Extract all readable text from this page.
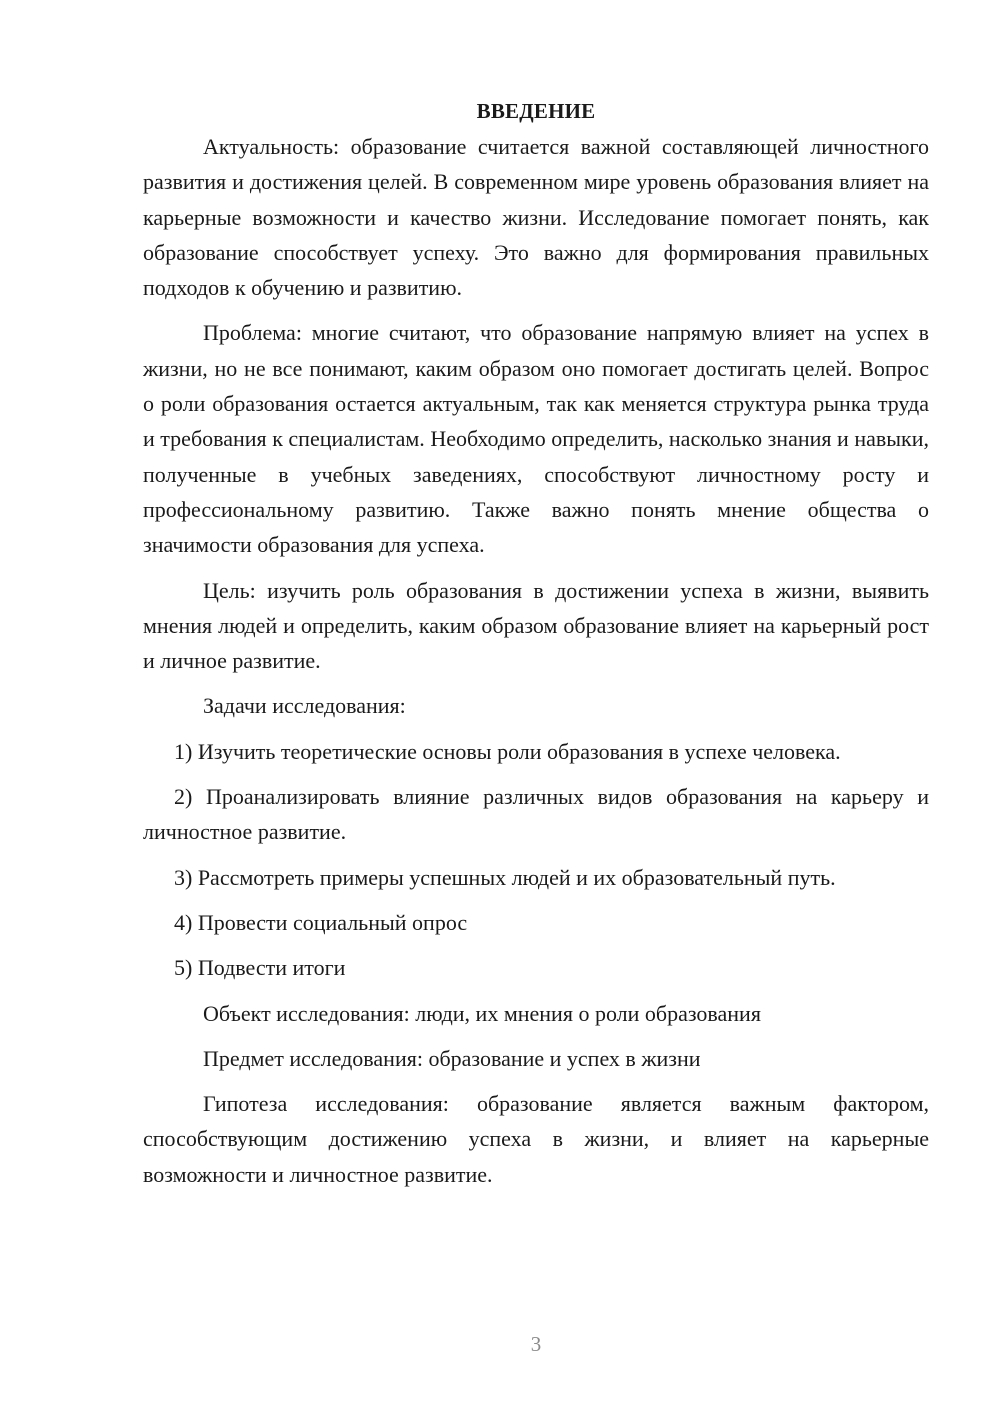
ВВЕДЕНИЕ

Актуальность: образование считается важной составляющей личностного развития и достижения целей. В современном мире уровень образования влияет на карьерные возможности и качество жизни. Исследование помогает понять, как образование способствует успеху. Это важно для формирования правильных подходов к обучению и развитию.

Проблема: многие считают, что образование напрямую влияет на успех в жизни, но не все понимают, каким образом оно помогает достигать целей. Вопрос о роли образования остается актуальным, так как меняется структура рынка труда и требования к специалистам. Необходимо определить, насколько знания и навыки, полученные в учебных заведениях, способствуют личностному росту и профессиональному развитию. Также важно понять мнение общества о значимости образования для успеха.

Цель: изучить роль образования в достижении успеха в жизни, выявить мнения людей и определить, каким образом образование влияет на карьерный рост и личное развитие.

Задачи исследования:

1) Изучить теоретические основы роли образования в успехе человека.

2) Проанализировать влияние различных видов образования на карьеру и личностное развитие.

3) Рассмотреть примеры успешных людей и их образовательный путь.

4) Провести социальный опрос

5) Подвести итоги

Объект исследования: люди, их мнения о роли образования

Предмет исследования: образование и успех в жизни

Гипотеза исследования: образование является важным фактором, способствующим достижению успеха в жизни, и влияет на карьерные возможности и личностное развитие.

3
